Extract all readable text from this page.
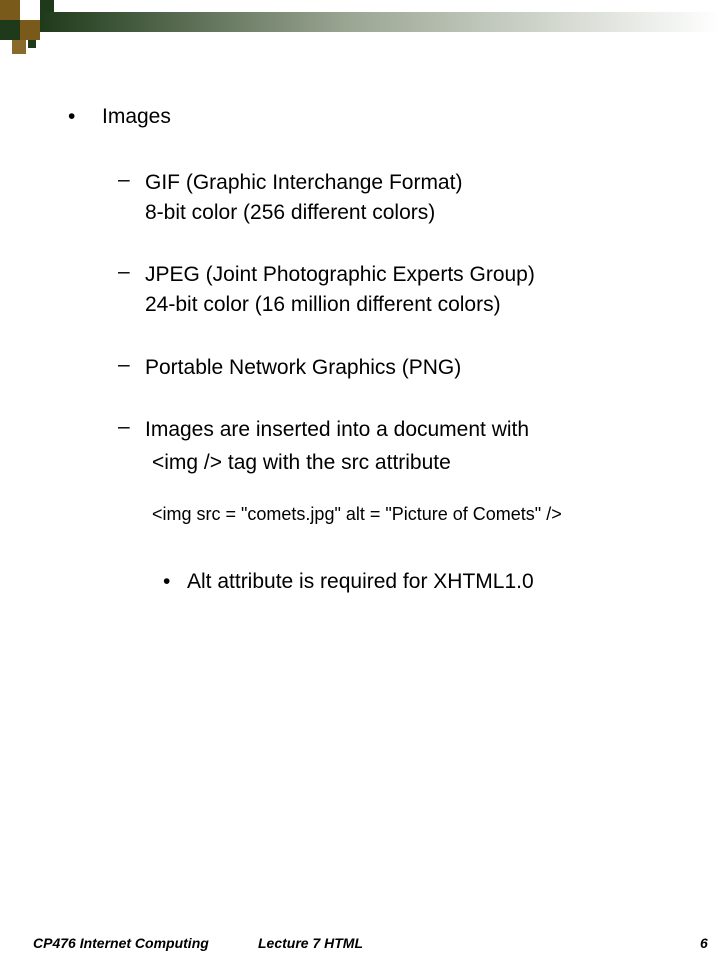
• Images
– GIF (Graphic Interchange Format)
8-bit color (256 different colors)
– JPEG (Joint Photographic Experts Group)
24-bit color (16 million different colors)
– Portable Network Graphics (PNG)
– Images are inserted into a document with
<img /> tag with the src attribute
<img src = "comets.jpg" alt = "Picture of Comets" />
• Alt attribute is required for XHTML1.0
CP476 Internet Computing	Lecture 7 HTML	6
